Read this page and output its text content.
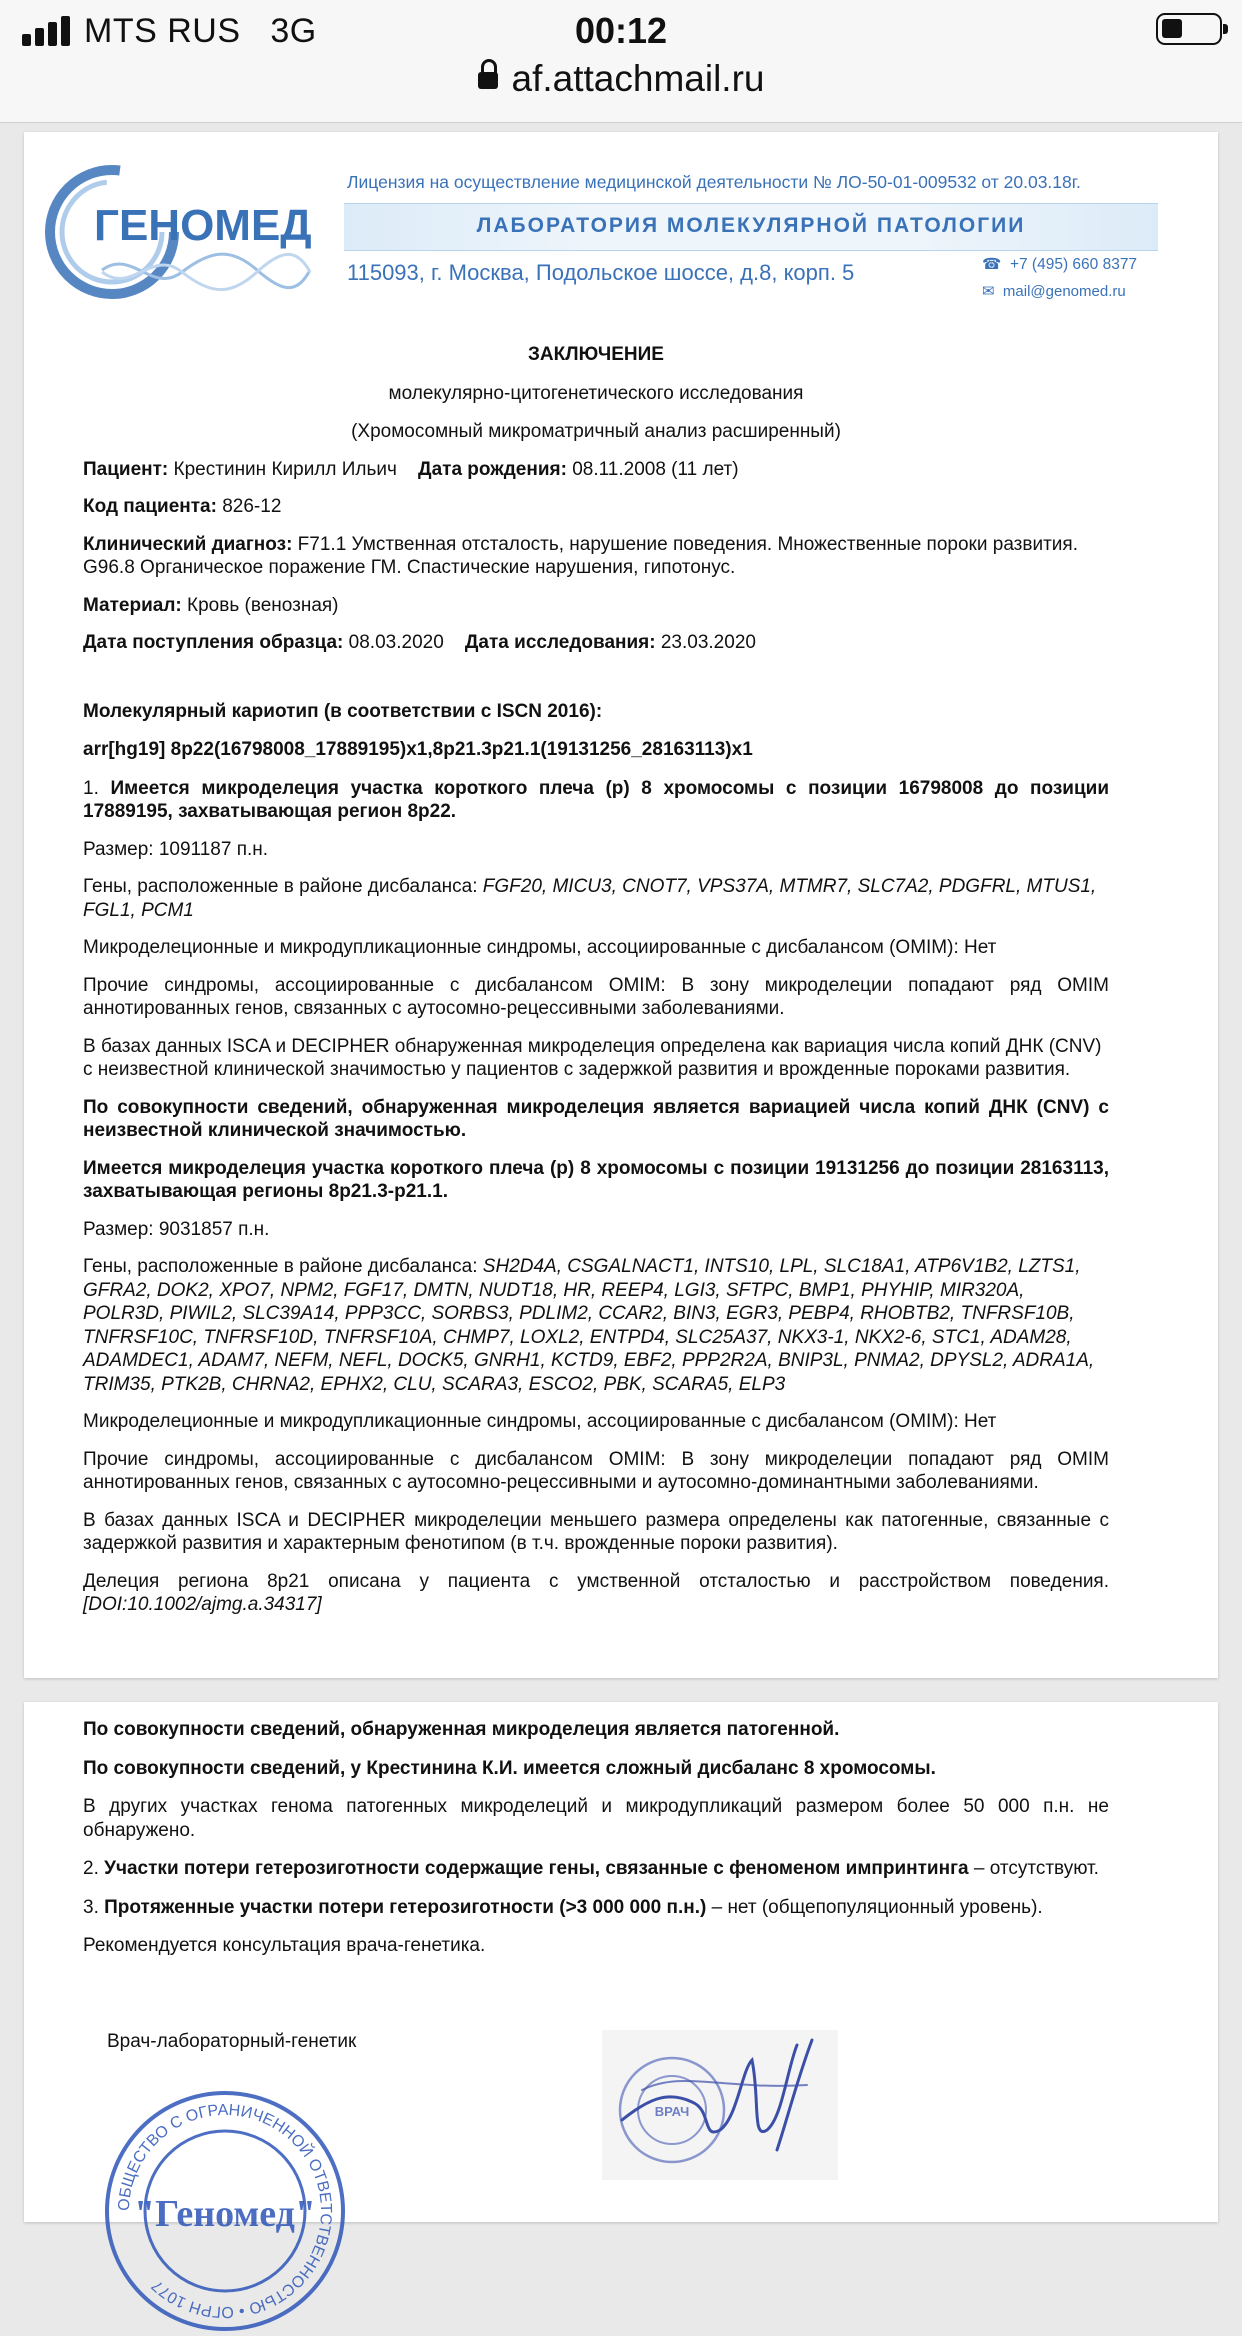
MTS RUS 3G	00:12
af.attachmail.ru
ГЕНОМЕД
Лицензия на осуществление медицинской деятельности № ЛО-50-01-009532 от 20.03.18г.
ЛАБОРАТОРИЯ МОЛЕКУЛЯРНОЙ ПАТОЛОГИИ
115093, г. Москва, Подольское шоссе, д.8, корп. 5	☎ +7 (495) 660 8377
✉ mail@genomed.ru

ЗАКЛЮЧЕНИЕ

молекулярно-цитогенетического исследования

(Хромосомный микроматричный анализ расширенный)

Пациент: Крестинин Кирилл Ильич Дата рождения: 08.11.2008 (11 лет)

Код пациента: 826-12

Клинический диагноз: F71.1 Умственная отсталость, нарушение поведения. Множественные пороки развития. G96.8 Органическое поражение ГМ. Спастические нарушения, гипотонус.

Материал: Кровь (венозная)

Дата поступления образца: 08.03.2020 Дата исследования: 23.03.2020

Молекулярный кариотип (в соответствии с ISCN 2016):

arr[hg19] 8p22(16798008_17889195)x1,8p21.3p21.1(19131256_28163113)x1

1. Имеется микроделеция участка короткого плеча (p) 8 хромосомы с позиции 16798008 до позиции 17889195, захватывающая регион 8p22.

Размер: 1091187 п.н.

Гены, расположенные в районе дисбаланса: FGF20, MICU3, CNOT7, VPS37A, MTMR7, SLC7A2, PDGFRL, MTUS1, FGL1, PCM1

Микроделеционные и микродупликационные синдромы, ассоциированные с дисбалансом (OMIM): Нет

Прочие синдромы, ассоциированные с дисбалансом OMIM: В зону микроделеции попадают ряд OMIM аннотированных генов, связанных с аутосомно-рецессивными заболеваниями.

В базах данных ISCA и DECIPHER обнаруженная микроделеция определена как вариация числа копий ДНК (CNV) с неизвестной клинической значимостью у пациентов с задержкой развития и врожденные пороками развития.

По совокупности сведений, обнаруженная микроделеция является вариацией числа копий ДНК (CNV) с неизвестной клинической значимостью.

Имеется микроделеция участка короткого плеча (p) 8 хромосомы с позиции 19131256 до позиции 28163113, захватывающая регионы 8p21.3-p21.1.

Размер: 9031857 п.н.

Гены, расположенные в районе дисбаланса: SH2D4A, CSGALNACT1, INTS10, LPL, SLC18A1, ATP6V1B2, LZTS1, GFRA2, DOK2, XPO7, NPM2, FGF17, DMTN, NUDT18, HR, REEP4, LGI3, SFTPC, BMP1, PHYHIP, MIR320A, POLR3D, PIWIL2, SLC39A14, PPP3CC, SORBS3, PDLIM2, CCAR2, BIN3, EGR3, PEBP4, RHOBTB2, TNFRSF10B, TNFRSF10C, TNFRSF10D, TNFRSF10A, CHMP7, LOXL2, ENTPD4, SLC25A37, NKX3-1, NKX2-6, STC1, ADAM28, ADAMDEC1, ADAM7, NEFM, NEFL, DOCK5, GNRH1, KCTD9, EBF2, PPP2R2A, BNIP3L, PNMA2, DPYSL2, ADRA1A, TRIM35, PTK2B, CHRNA2, EPHX2, CLU, SCARA3, ESCO2, PBK, SCARA5, ELP3

Микроделеционные и микродупликационные синдромы, ассоциированные с дисбалансом (OMIM): Нет

Прочие синдромы, ассоциированные с дисбалансом OMIM: В зону микроделеции попадают ряд OMIM аннотированных генов, связанных с аутосомно-рецессивными и аутосомно-доминантными заболеваниями.

В базах данных ISCA и DECIPHER микроделеции меньшего размера определены как патогенные, связанные с задержкой развития и характерным фенотипом (в т.ч. врожденные пороки развития).

Делеция региона 8p21 описана у пациента с умственной отсталостью и расстройством поведения. [DOI:10.1002/ajmg.a.34317]

По совокупности сведений, обнаруженная микроделеция является патогенной.

По совокупности сведений, у Крестинина К.И. имеется сложный дисбаланс 8 хромосомы.

В других участках генома патогенных микроделеций и микродупликаций размером более 50 000 п.н. не обнаружено.

2. Участки потери гетерозиготности содержащие гены, связанные с феноменом импринтинга – отсутствуют.

3. Протяженные участки потери гетерозиготности (>3 000 000 п.н.) – нет (общепопуляционный уровень).

Рекомендуется консультация врача-генетика.

Врач-лабораторный-генетик
ОБЩЕСТВО С ОГРАНИЧЕННОЙ ОТВЕТСТВЕННОСТЬЮ • ОГРН 1077
"Геномед"
ВРАЧ
